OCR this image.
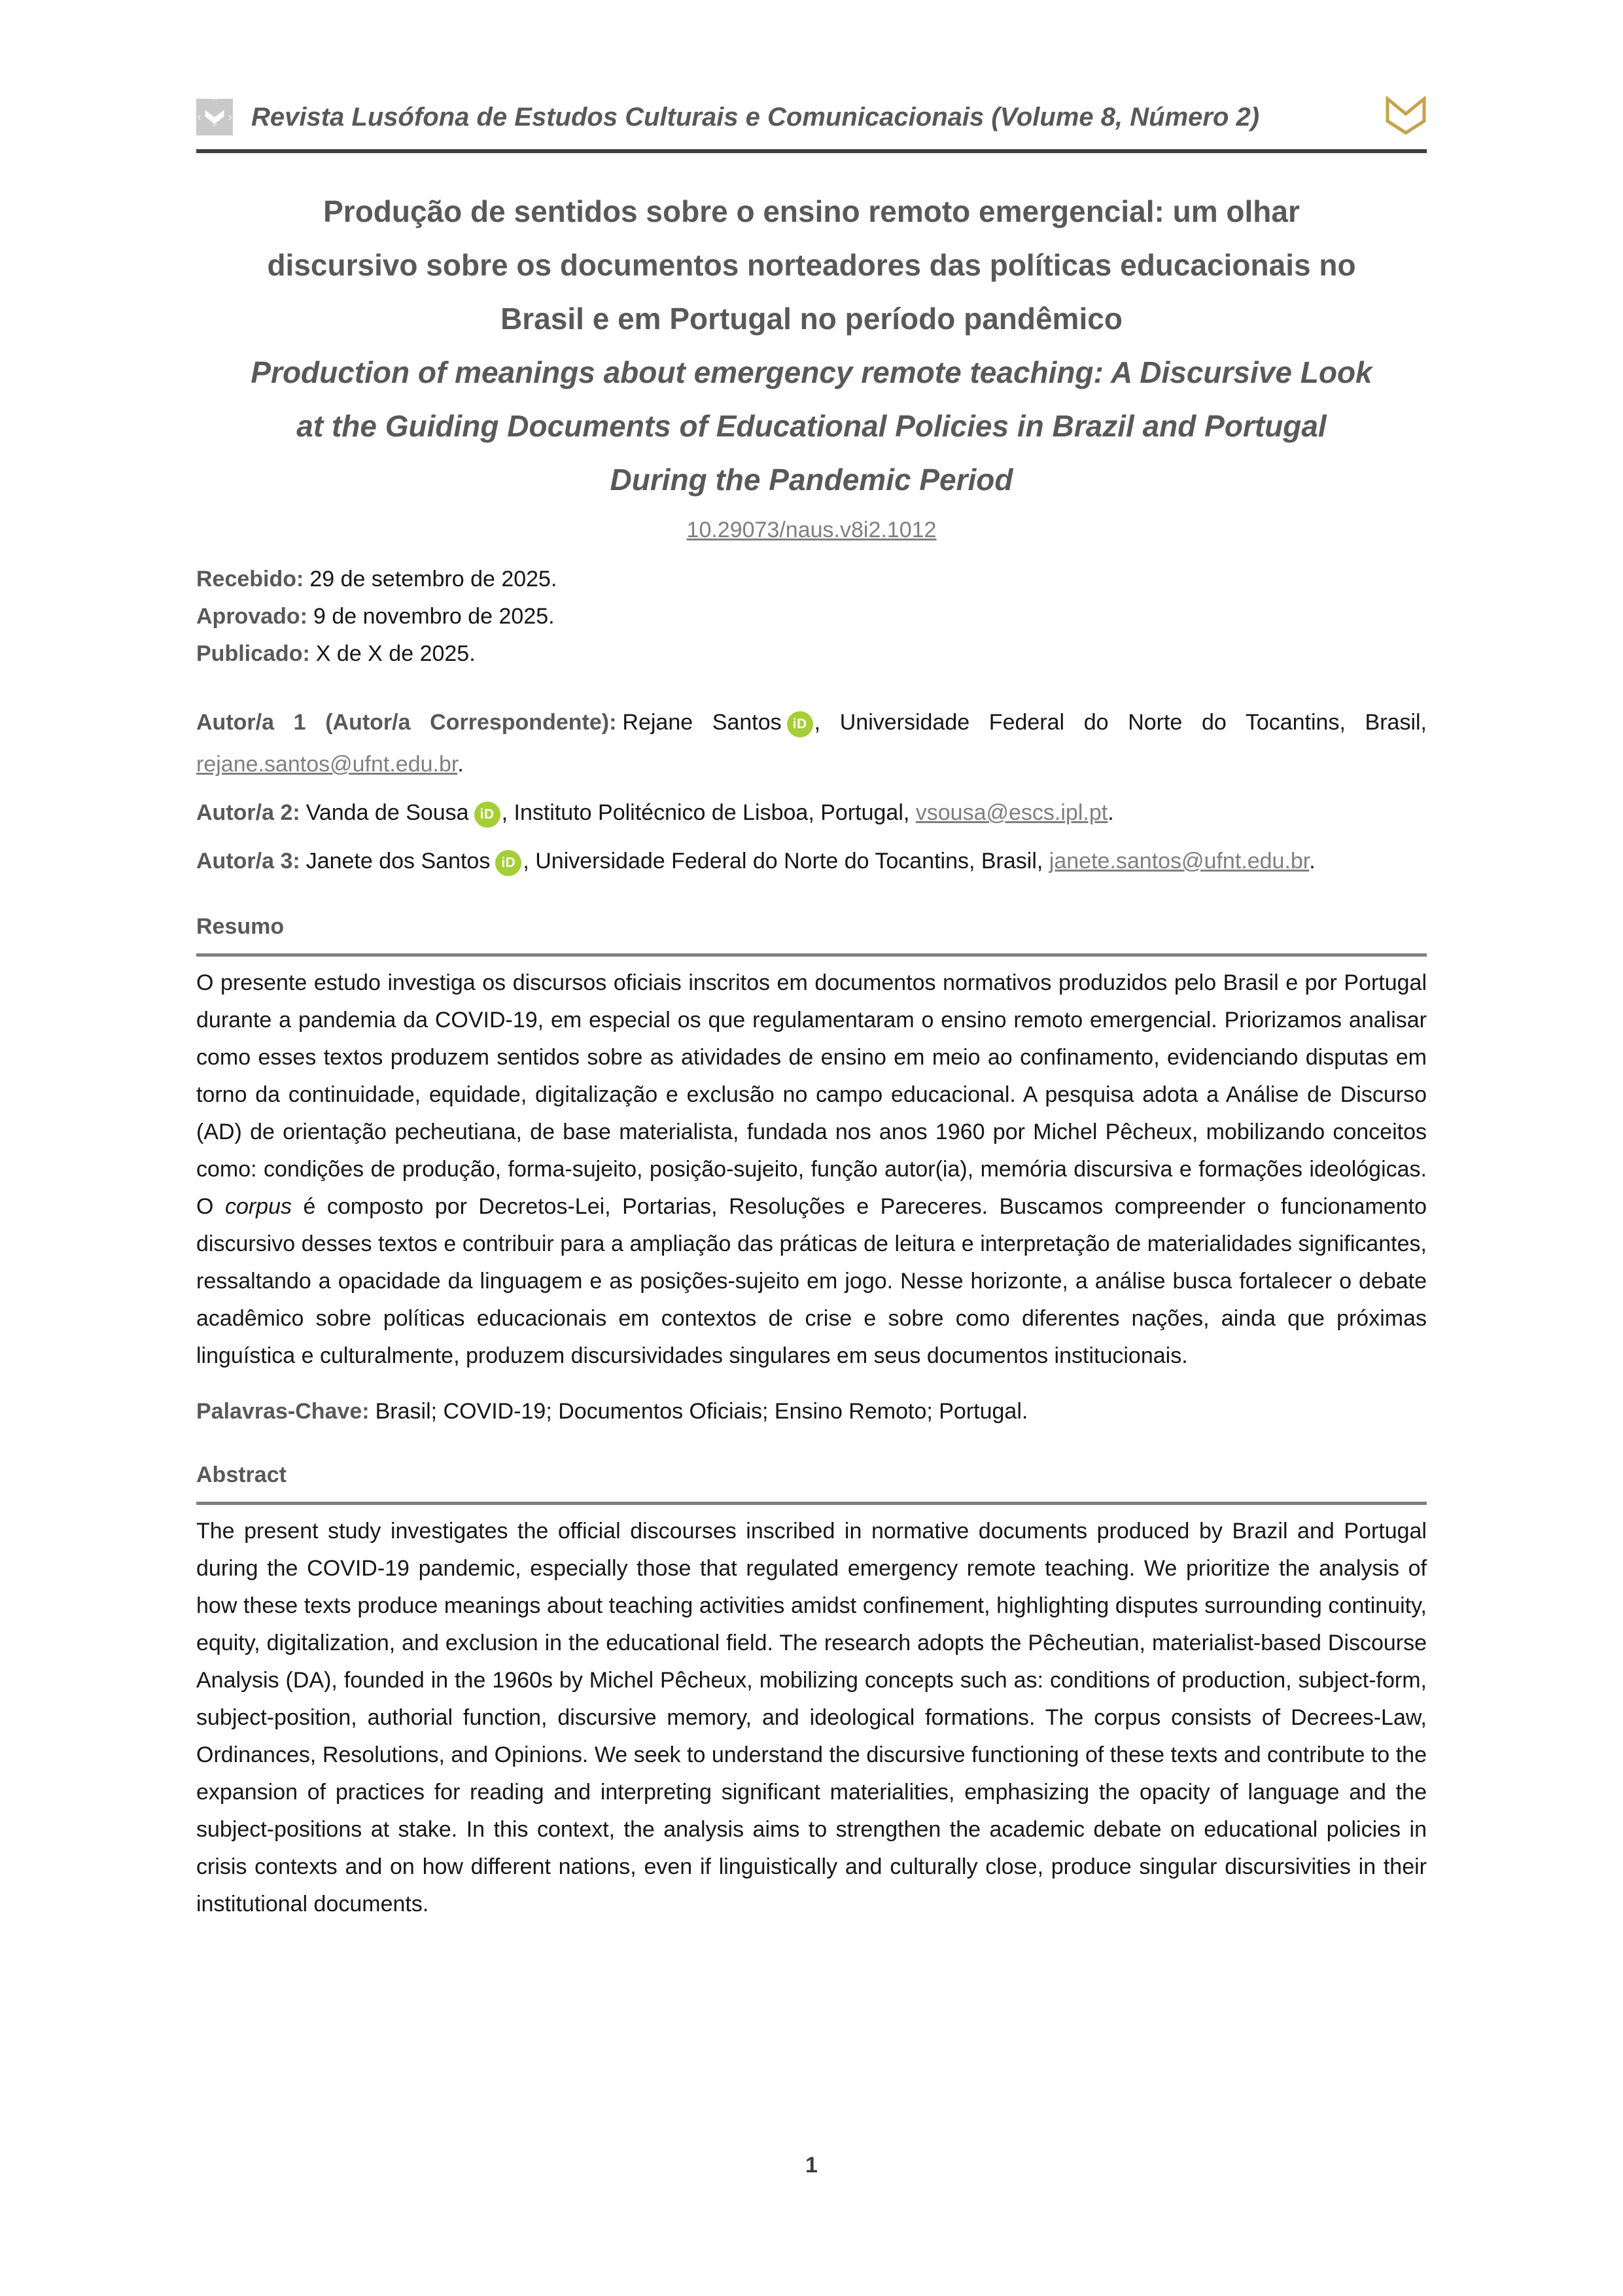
ˆ
‹ ›
ˇ Revista Lusófona de Estudos Culturais e Comunicacionais (Volume 8, Número 2)
Produção de sentidos sobre o ensino remoto emergencial: um olhar
discursivo sobre os documentos norteadores das políticas educacionais no
Brasil e em Portugal no período pandêmico
Production of meanings about emergency remote teaching: A Discursive Look
at the Guiding Documents of Educational Policies in Brazil and Portugal
During the Pandemic Period
10.29073/naus.v8i2.1012
Recebido: 29 de setembro de 2025.
Aprovado: 9 de novembro de 2025.
Publicado: X de X de 2025.

Autor/a 1 (Autor/a Correspondente): Rejane Santos iD , Universidade Federal do Norte do Tocantins, Brasil, rejane.santos@ufnt.edu.br.

Autor/a 2: Vanda de Sousa iD , Instituto Politécnico de Lisboa, Portugal, vsousa@escs.ipl.pt.

Autor/a 3: Janete dos Santos iD , Universidade Federal do Norte do Tocantins, Brasil, janete.santos@ufnt.edu.br.

Resumo

O presente estudo investiga os discursos oficiais inscritos em documentos normativos produzidos pelo Brasil e por Portugal durante a pandemia da COVID-19, em especial os que regulamentaram o ensino remoto emergencial. Priorizamos analisar como esses textos produzem sentidos sobre as atividades de ensino em meio ao confinamento, evidenciando disputas em torno da continuidade, equidade, digitalização e exclusão no campo educacional. A pesquisa adota a Análise de Discurso (AD) de orientação pecheutiana, de base materialista, fundada nos anos 1960 por Michel Pêcheux, mobilizando conceitos como: condições de produção, forma-sujeito, posição-sujeito, função autor(ia), memória discursiva e formações ideológicas. O corpus é composto por Decretos-Lei, Portarias, Resoluções e Pareceres. Buscamos compreender o funcionamento discursivo desses textos e contribuir para a ampliação das práticas de leitura e interpretação de materialidades significantes, ressaltando a opacidade da linguagem e as posições-sujeito em jogo. Nesse horizonte, a análise busca fortalecer o debate acadêmico sobre políticas educacionais em contextos de crise e sobre como diferentes nações, ainda que próximas linguística e culturalmente, produzem discursividades singulares em seus documentos institucionais.

Palavras-Chave: Brasil; COVID-19; Documentos Oficiais; Ensino Remoto; Portugal.

Abstract

The present study investigates the official discourses inscribed in normative documents produced by Brazil and Portugal during the COVID-19 pandemic, especially those that regulated emergency remote teaching. We prioritize the analysis of how these texts produce meanings about teaching activities amidst confinement, highlighting disputes surrounding continuity, equity, digitalization, and exclusion in the educational field. The research adopts the Pêcheutian, materialist-based Discourse Analysis (DA), founded in the 1960s by Michel Pêcheux, mobilizing concepts such as: conditions of production, subject-form, subject-position, authorial function, discursive memory, and ideological formations. The corpus consists of Decrees-Law, Ordinances, Resolutions, and Opinions. We seek to understand the discursive functioning of these texts and contribute to the expansion of practices for reading and interpreting significant materialities, emphasizing the opacity of language and the subject-positions at stake. In this context, the analysis aims to strengthen the academic debate on educational policies in crisis contexts and on how different nations, even if linguistically and culturally close, produce singular discursivities in their institutional documents.

1
